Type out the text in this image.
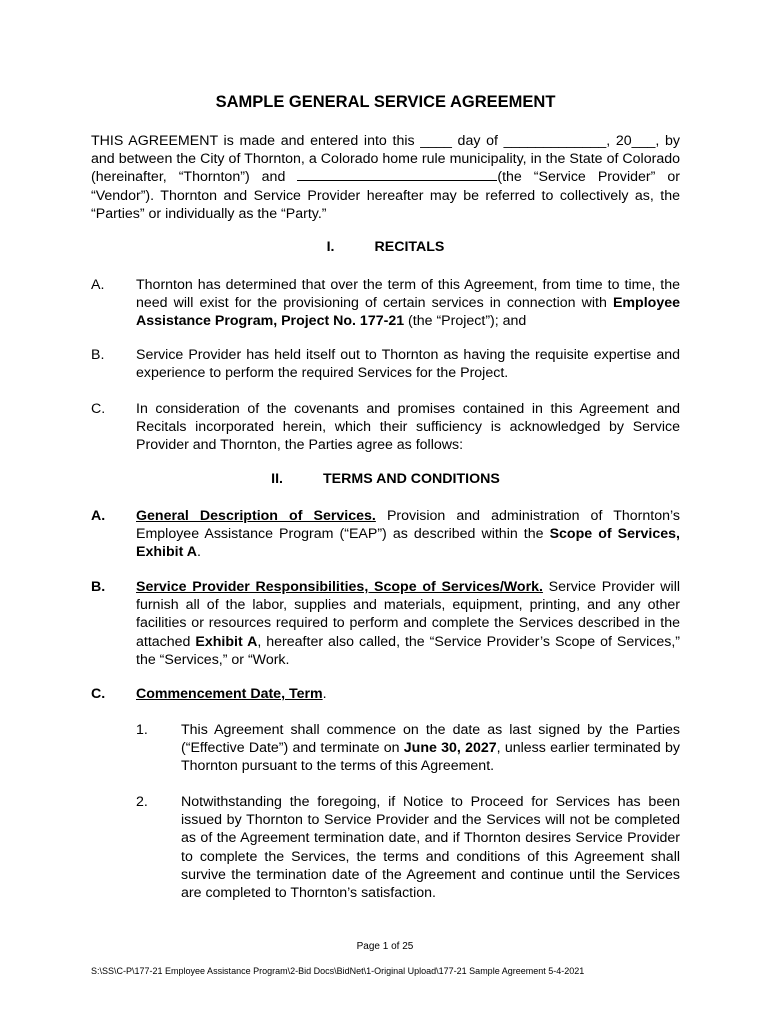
SAMPLE GENERAL SERVICE AGREEMENT

THIS AGREEMENT is made and entered into this ____ day of _____________, 20___, by and between the City of Thornton, a Colorado home rule municipality, in the State of Colorado (hereinafter, “Thornton”) and	(the “Service Provider” or “Vendor”). Thornton and Service Provider hereafter may be referred to collectively as, the “Parties” or individually as the “Party.”

I.	RECITALS
A. Thornton has determined that over the term of this Agreement, from time to time, the need will exist for the provisioning of certain services in connection with Employee Assistance Program, Project No. 177-21 (the “Project”); and

B. Service Provider has held itself out to Thornton as having the requisite expertise and experience to perform the required Services for the Project.

C. In consideration of the covenants and promises contained in this Agreement and Recitals incorporated herein, which their sufficiency is acknowledged by Service Provider and Thornton, the Parties agree as follows:

II.	TERMS AND CONDITIONS
A. General Description of Services. Provision and administration of Thornton’s Employee Assistance Program (“EAP”) as described within the Scope of Services, Exhibit A.

B. Service Provider Responsibilities, Scope of Services/Work. Service Provider will furnish all of the labor, supplies and materials, equipment, printing, and any other facilities or resources required to perform and complete the Services described in the attached Exhibit A, hereafter also called, the “Service Provider’s Scope of Services,” the “Services,” or “Work.

C. Commencement Date, Term.

1. This Agreement shall commence on the date as last signed by the Parties (“Effective Date”) and terminate on June 30, 2027, unless earlier terminated by Thornton pursuant to the terms of this Agreement.

2. Notwithstanding the foregoing, if Notice to Proceed for Services has been issued by Thornton to Service Provider and the Services will not be completed as of the Agreement termination date, and if Thornton desires Service Provider to complete the Services, the terms and conditions of this Agreement shall survive the termination date of the Agreement and continue until the Services are completed to Thornton’s satisfaction.

Page 1 of 25
S:\SS\C-P\177-21 Employee Assistance Program\2-Bid Docs\BidNet\1-Original Upload\177-21 Sample Agreement 5-4-2021
